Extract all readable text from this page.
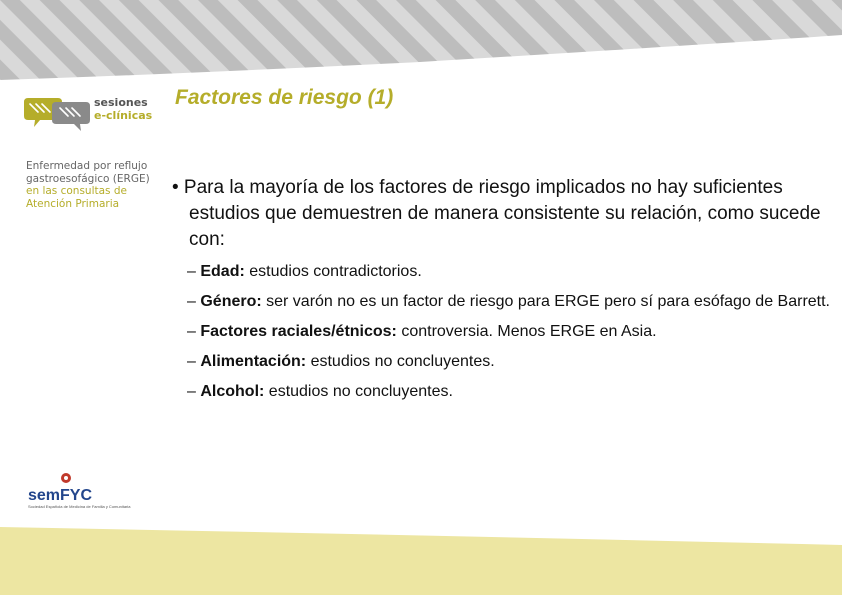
sesiones
e-clínicas
Enfermedad por reflujo
gastroesofágico (ERGE)
en las consultas de
Atención Primaria
Factores de riesgo (1)
• Para la mayoría de los factores de riesgo implicados no hay suficientes estudios que demuestren de manera consistente su relación, como sucede con:
– Edad: estudios contradictorios.
– Género: ser varón no es un factor de riesgo para ERGE pero sí para esófago de Barrett.
– Factores raciales/étnicos: controversia. Menos ERGE en Asia.
– Alimentación: estudios no concluyentes.
– Alcohol: estudios no concluyentes.
semFYC
Sociedad Española de Medicina de Familia y Comunitaria
